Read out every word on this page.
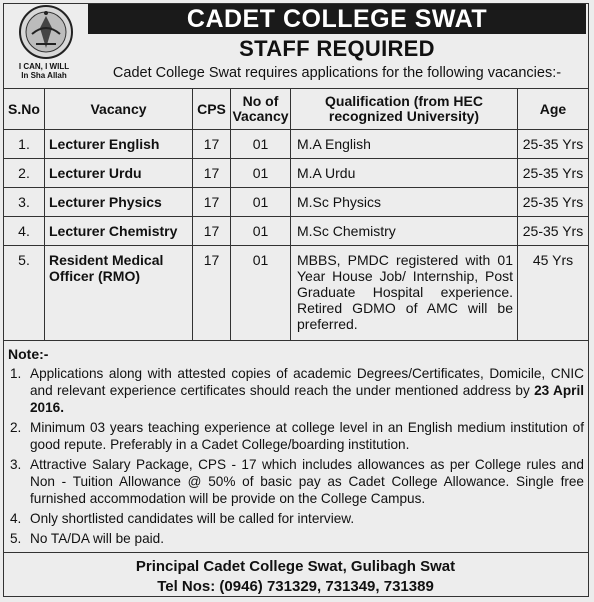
I CAN, I WILL
In Sha Allah
CADET COLLEGE SWAT
STAFF REQUIRED
Cadet College Swat requires applications for the following vacancies:-
S.No	Vacancy	CPS	No of Vacancy	Qualification (from HEC recognized University)	Age
1.	Lecturer English	17	01	M.A English	25-35 Yrs
2.	Lecturer Urdu	17	01	M.A Urdu	25-35 Yrs
3.	Lecturer Physics	17	01	M.Sc Physics	25-35 Yrs
4.	Lecturer Chemistry	17	01	M.Sc Chemistry	25-35 Yrs
5.	Resident Medical Officer (RMO)	17	01	MBBS, PMDC registered with 01 Year House Job/ Internship, Post Graduate Hospital experience. Retired GDMO of AMC will be preferred.	45 Yrs
Note:-
1. Applications along with attested copies of academic Degrees/Certificates, Domicile, CNIC and relevant experience certificates should reach the under mentioned address by 23 April 2016.
2. Minimum 03 years teaching experience at college level in an English medium institution of good repute. Preferably in a Cadet College/boarding institution.
3. Attractive Salary Package, CPS - 17 which includes allowances as per College rules and Non - Tuition Allowance @ 50% of basic pay as Cadet College Allowance. Single free furnished accommodation will be provide on the College Campus.
4. Only shortlisted candidates will be called for interview.
5. No TA/DA will be paid.
Principal Cadet College Swat, Gulibagh Swat
Tel Nos: (0946) 731329, 731349, 731389
